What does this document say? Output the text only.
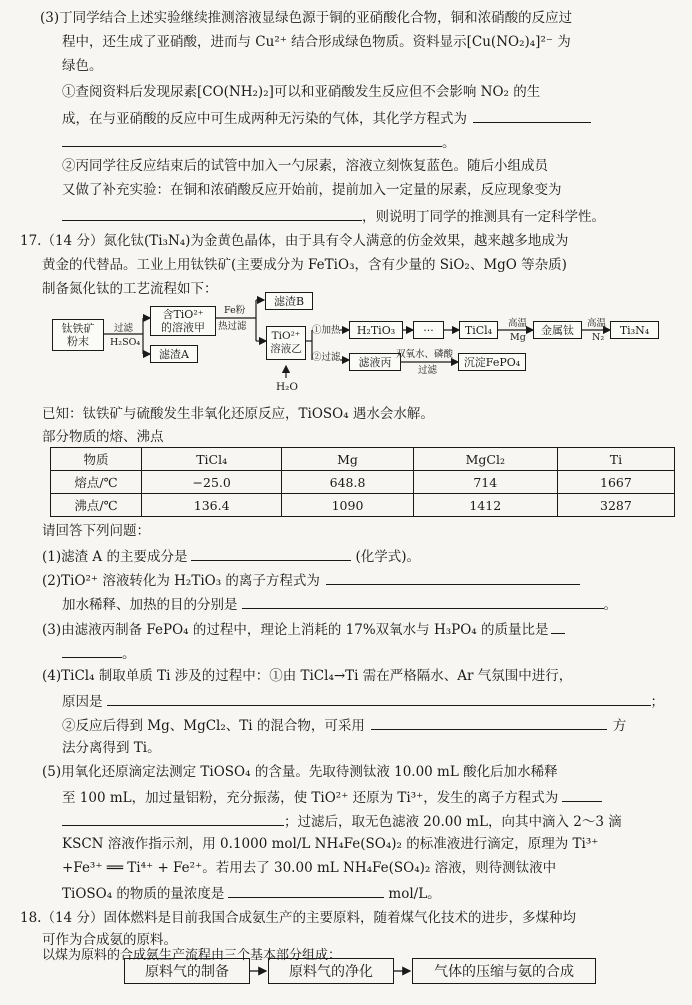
(3)丁同学结合上述实验继续推测溶液显绿色源于铜的亚硝酸化合物，铜和浓硝酸的反应过
程中，还生成了亚硝酸，进而与 Cu²⁺ 结合形成绿色物质。资料显示[Cu(NO₂)₄]²⁻ 为
绿色。
①查阅资料后发现尿素[CO(NH₂)₂]可以和亚硝酸发生反应但不会影响 NO₂ 的生
成，在与亚硝酸的反应中可生成两种无污染的气体，其化学方程式为
。
②丙同学往反应结束后的试管中加入一勺尿素，溶液立刻恢复蓝色。随后小组成员
又做了补充实验：在铜和浓硝酸反应开始前，提前加入一定量的尿素，反应现象变为
，则说明丁同学的推测具有一定科学性。
17.（14 分）氮化钛(Ti₃N₄)为金黄色晶体，由于具有令人满意的仿金效果，越来越多地成为
黄金的代替品。工业上用钛铁矿(主要成分为 FeTiO₃，含有少量的 SiO₂、MgO 等杂质)
制备氮化钛的工艺流程如下：
钛铁矿
粉末
过滤
H₂SO₄
含TiO²⁺
的溶液甲
滤渣A
Fe粉
热过滤
滤渣B
TiO²⁺
溶液乙
①加热
②过滤
H₂TiO₃	···	TiCl₄	高温
Mg
金属钛	高温
N₂
Ti₃N₄
滤液丙
双氧水、磷酸
过滤
沉淀FePO₄
H₂O
已知：钛铁矿与硫酸发生非氧化还原反应，TiOSO₄ 遇水会水解。
部分物质的熔、沸点
物质	TiCl₄	Mg	MgCl₂	Ti
熔点/℃	−25.0	648.8	714	1667
沸点/℃	136.4	1090	1412	3287
请回答下列问题：
(1)滤渣 A 的主要成分是	(化学式)。
(2)TiO²⁺ 溶液转化为 H₂TiO₃ 的离子方程式为
加水稀释、加热的目的分别是	。
(3)由滤液丙制备 FePO₄ 的过程中，理论上消耗的 17%双氧水与 H₃PO₄ 的质量比是
。
(4)TiCl₄ 制取单质 Ti 涉及的过程中：①由 TiCl₄→Ti 需在严格隔水、Ar 气氛围中进行，
原因是	；
②反应后得到 Mg、MgCl₂、Ti 的混合物，可采用	方
法分离得到 Ti。
(5)用氧化还原滴定法测定 TiOSO₄ 的含量。先取待测钛液 10.00 mL 酸化后加水稀释
至 100 mL，加过量铝粉，充分振荡，使 TiO²⁺ 还原为 Ti³⁺，发生的离子方程式为
；过滤后，取无色滤液 20.00 mL，向其中滴入 2～3 滴
KSCN 溶液作指示剂，用 0.1000 mol/L NH₄Fe(SO₄)₂ 的标准液进行滴定，原理为 Ti³⁺
+Fe³⁺ ══ Ti⁴⁺ + Fe²⁺。若用去了 30.00 mL NH₄Fe(SO₄)₂ 溶液，则待测钛液中
TiOSO₄ 的物质的量浓度是	mol/L。
18.（14 分）固体燃料是目前我国合成氨生产的主要原料，随着煤气化技术的进步，多煤种均
可作为合成氨的原料。
以煤为原料的合成氨生产流程由三个基本部分组成：
原料气的制备	原料气的净化	气体的压缩与氨的合成
